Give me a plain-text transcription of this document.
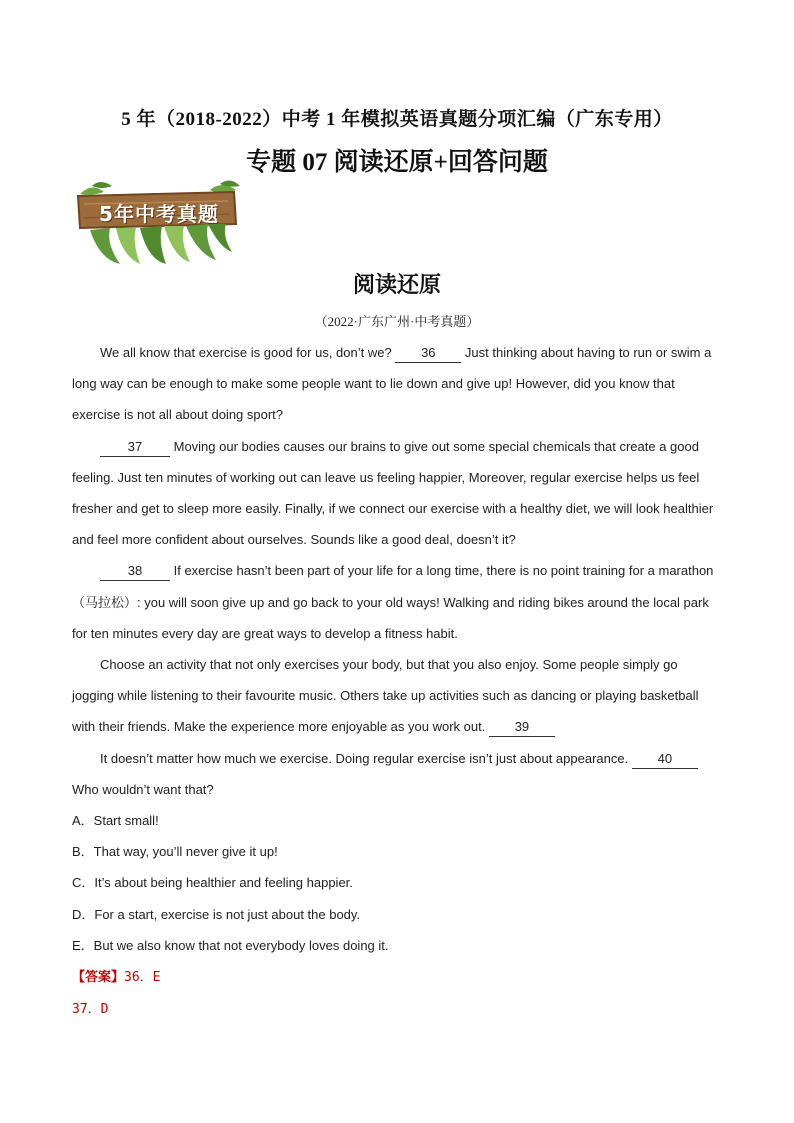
5 年（2018-2022）中考 1 年模拟英语真题分项汇编（广东专用）
专题 07 阅读还原+回答问题
5年中考真题
阅读还原
（2022·广东广州·中考真题）

We all know that exercise is good for us, don’t we? 36 Just thinking about having to run or swim a long way can be enough to make some people want to lie down and give up! However, did you know that exercise is not all about doing sport?

37 Moving our bodies causes our brains to give out some special chemicals that create a good feeling. Just ten minutes of working out can leave us feeling happier, Moreover, regular exercise helps us feel fresher and get to sleep more easily. Finally, if we connect our exercise with a healthy diet, we will look healthier and feel more confident about ourselves. Sounds like a good deal, doesn’t it?

38 If exercise hasn’t been part of your life for a long time, there is no point training for a marathon（马拉松）: you will soon give up and go back to your old ways! Walking and riding bikes around the local park for ten minutes every day are great ways to develop a fitness habit.

Choose an activity that not only exercises your body, but that you also enjoy. Some people simply go jogging while listening to their favourite music. Others take up activities such as dancing or playing basketball with their friends. Make the experience more enjoyable as you work out. 39

It doesn’t matter how much we exercise. Doing regular exercise isn’t just about appearance. 40 Who wouldn’t want that?

A．Start small!

B．That way, you’ll never give it up!

C．It’s about being healthier and feeling happier.

D．For a start, exercise is not just about the body.

E．But we also know that not everybody loves doing it.

【答案】36．E

37．D
